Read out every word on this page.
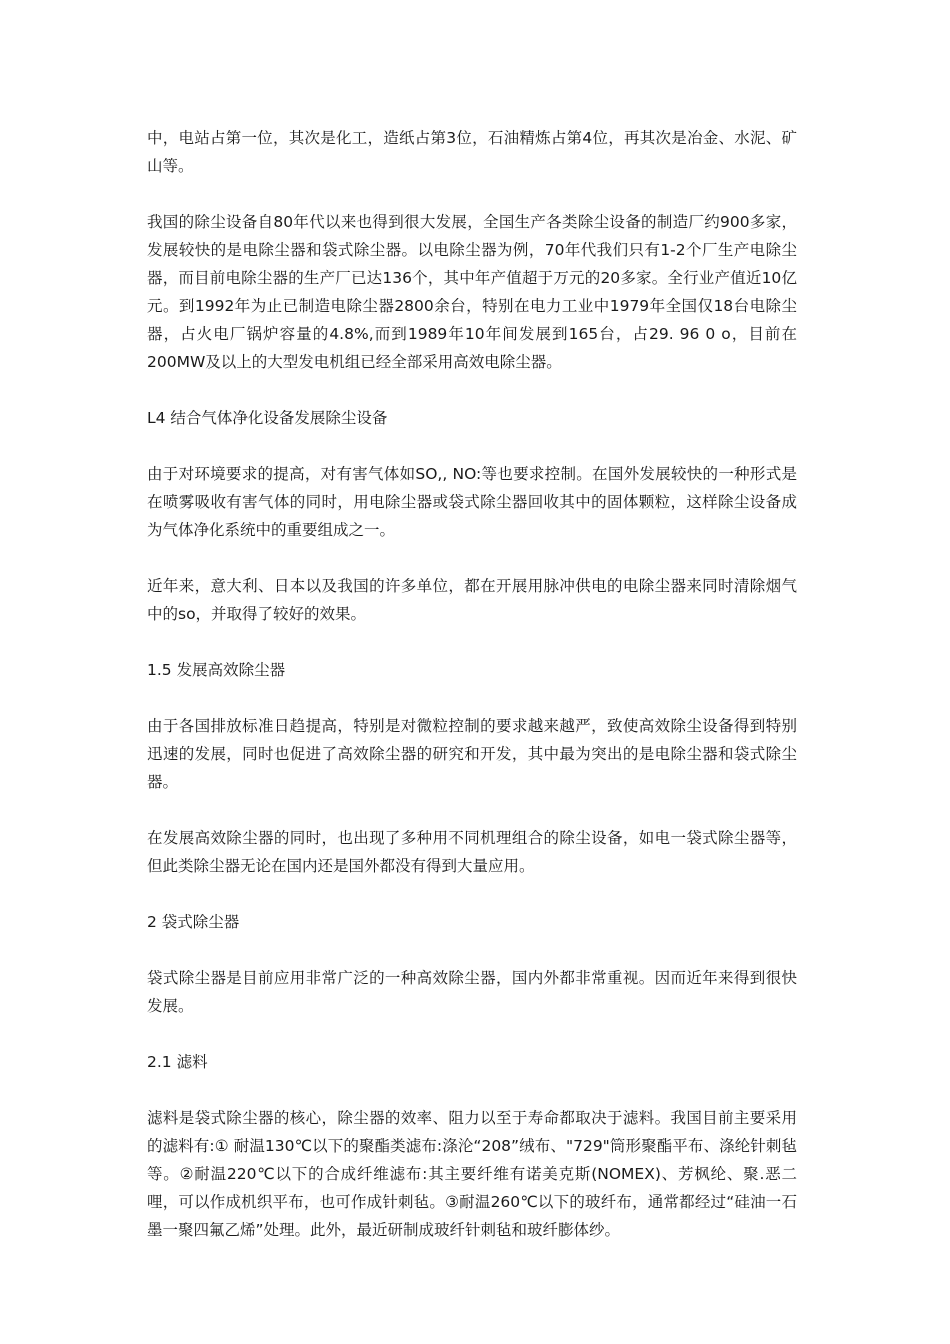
中，电站占第一位，其次是化工，造纸占第3位，石油精炼占第4位，再其次是冶金、水泥、矿山等。

我国的除尘设备自80年代以来也得到很大发展，全国生产各类除尘设备的制造厂约900多家，发展较快的是电除尘器和袋式除尘器。以电除尘器为例，70年代我们只有1-2个厂生产电除尘器，而目前电除尘器的生产厂已达136个，其中年产值超于万元的20多家。全行业产值近10亿元。到1992年为止已制造电除尘器2800余台，特别在电力工业中1979年全国仅18台电除尘器，占火电厂锅炉容量的4.8%,而到1989年10年间发展到165台，占29. 96 0 o，目前在200MW及以上的大型发电机组已经全部采用高效电除尘器。

L4 结合气体净化设备发展除尘设备

由于对环境要求的提高，对有害气体如SO,, NO:等也要求控制。在国外发展较快的一种形式是在喷雾吸收有害气体的同时，用电除尘器或袋式除尘器回收其中的固体颗粒，这样除尘设备成为气体净化系统中的重要组成之一。

近年来，意大利、日本以及我国的许多单位，都在开展用脉冲供电的电除尘器来同时清除烟气中的so，并取得了较好的效果。

1.5 发展高效除尘器

由于各国排放标准日趋提高，特别是对微粒控制的要求越来越严，致使高效除尘设备得到特别迅速的发展，同时也促进了高效除尘器的研究和开发，其中最为突出的是电除尘器和袋式除尘器。

在发展高效除尘器的同时，也出现了多种用不同机理组合的除尘设备，如电一袋式除尘器等，但此类除尘器无论在国内还是国外都没有得到大量应用。

2 袋式除尘器

袋式除尘器是目前应用非常广泛的一种高效除尘器，国内外都非常重视。因而近年来得到很快发展。

2.1 滤料

滤料是袋式除尘器的核心，除尘器的效率、阻力以至于寿命都取决于滤料。我国目前主要采用的滤料有:① 耐温130℃以下的聚酯类滤布:涤沦“208”绒布、"729"筒形聚酯平布、涤纶针刺毡等。②耐温220℃以下的合成纤维滤布:其主要纤维有诺美克斯(NOMEX)、芳枫纶、聚.恶二哩，可以作成机织平布，也可作成针刺毡。③耐温260℃以下的玻纤布，通常都经过“硅油一石墨一聚四氟乙烯”处理。此外，最近研制成玻纤针刺毡和玻纤膨体纱。
